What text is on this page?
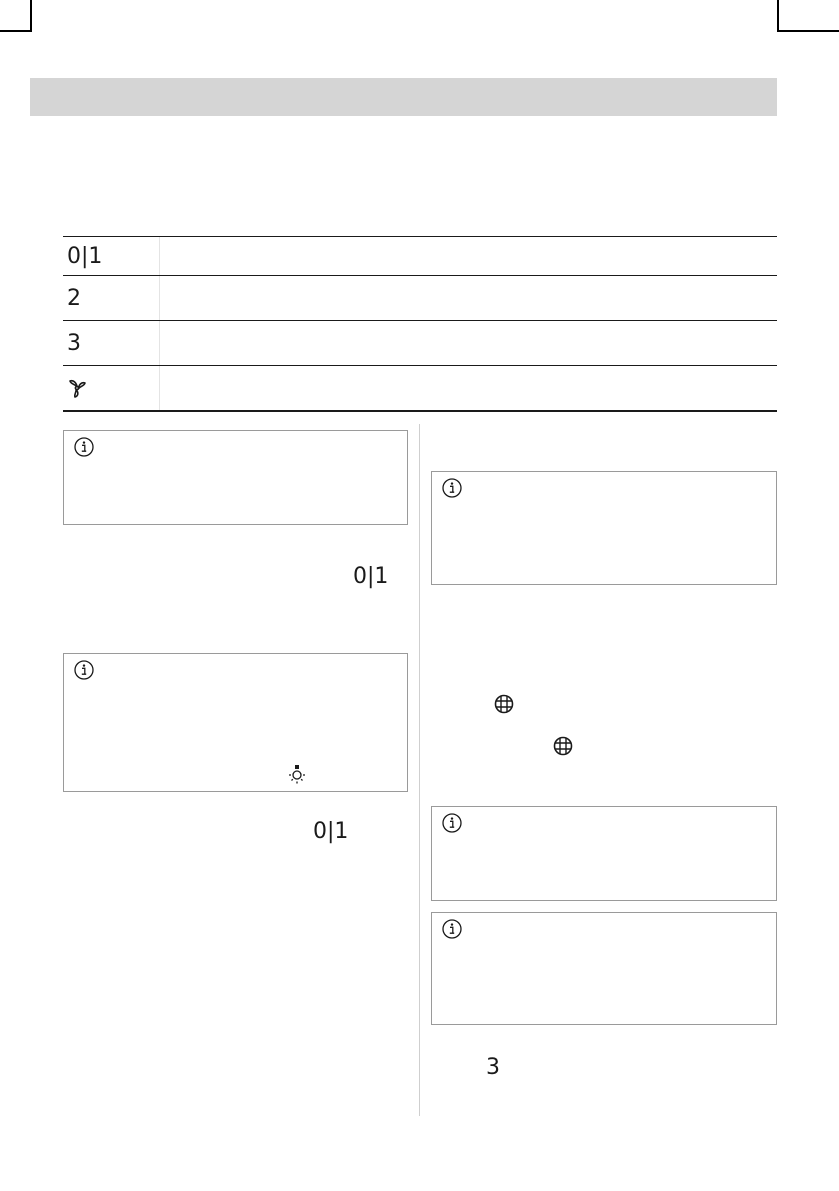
0|1
2
3
0|1
0|1
3
